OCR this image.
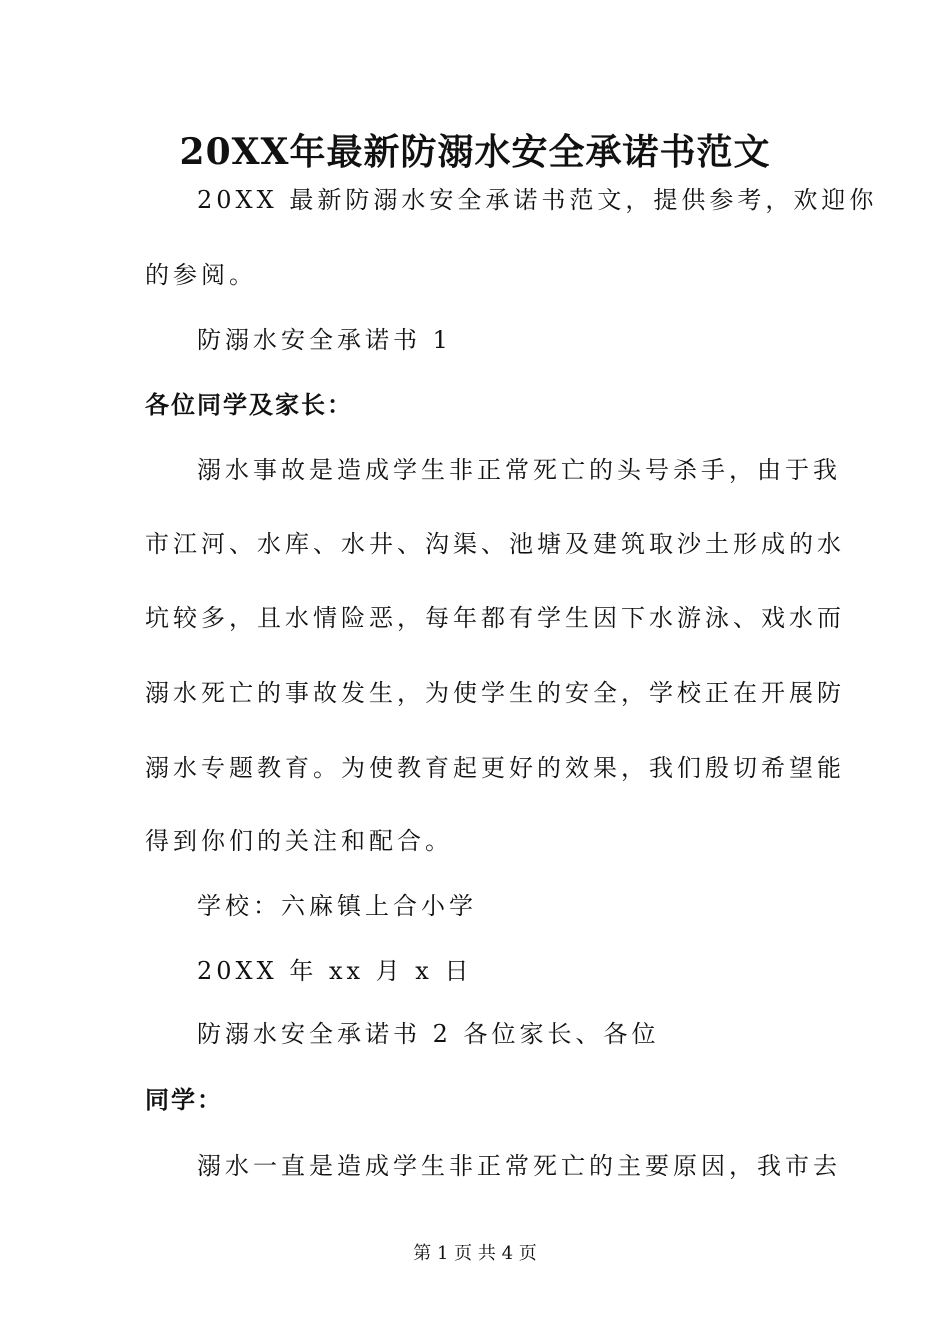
20XX年最新防溺水安全承诺书范文
20XX 最新防溺水安全承诺书范文，提供参考，欢迎你
的参阅。
防溺水安全承诺书 1
各位同学及家长：
溺水事故是造成学生非正常死亡的头号杀手，由于我
市江河、水库、水井、沟渠、池塘及建筑取沙土形成的水
坑较多，且水情险恶，每年都有学生因下水游泳、戏水而
溺水死亡的事故发生，为使学生的安全，学校正在开展防
溺水专题教育。为使教育起更好的效果，我们殷切希望能
得到你们的关注和配合。
学校：六麻镇上合小学
20XX 年 xx 月 x 日
防溺水安全承诺书 2 各位家长、各位
同学：
溺水一直是造成学生非正常死亡的主要原因，我市去
第 1 页 共 4 页
